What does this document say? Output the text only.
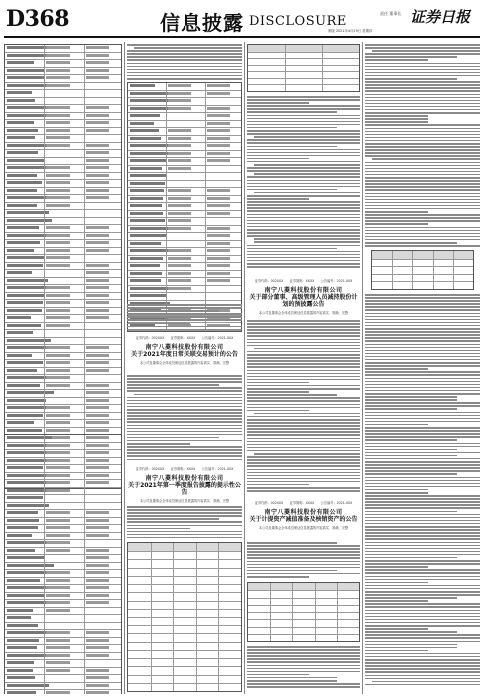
D368	信息披露 DISCLOSURE
责任 董事长 证券日报
制版 2021年4月29日 星期四
证券代码：002XXX　　证券简称：XXXX　　公告编号：2021-0XX
南宁八菱科技股份有限公司
关于2021年度日常关联交易预计的公告
本公司及董事会全体成员保证信息披露的内容真实、准确、完整
证券代码：002XXX　　证券简称：XXXX　　公告编号：2021-0XX
南宁八菱科技股份有限公司
关于2021年第一季度报告披露的提示性公告
本公司及董事会全体成员保证信息披露的内容真实、准确、完整
证券代码：002XXX　　证券简称：XXXX　　公告编号：2021-0XX
南宁八菱科技股份有限公司
关于部分董事、高级管理人员减持股份计划的预披露公告
本公司及董事会全体成员保证信息披露的内容真实、准确、完整
证券代码：002XXX　　证券简称：XXXX　　公告编号：2021-0XX
南宁八菱科技股份有限公司
关于计提资产减值准备及核销资产的公告
本公司及董事会全体成员保证信息披露的内容真实、准确、完整
